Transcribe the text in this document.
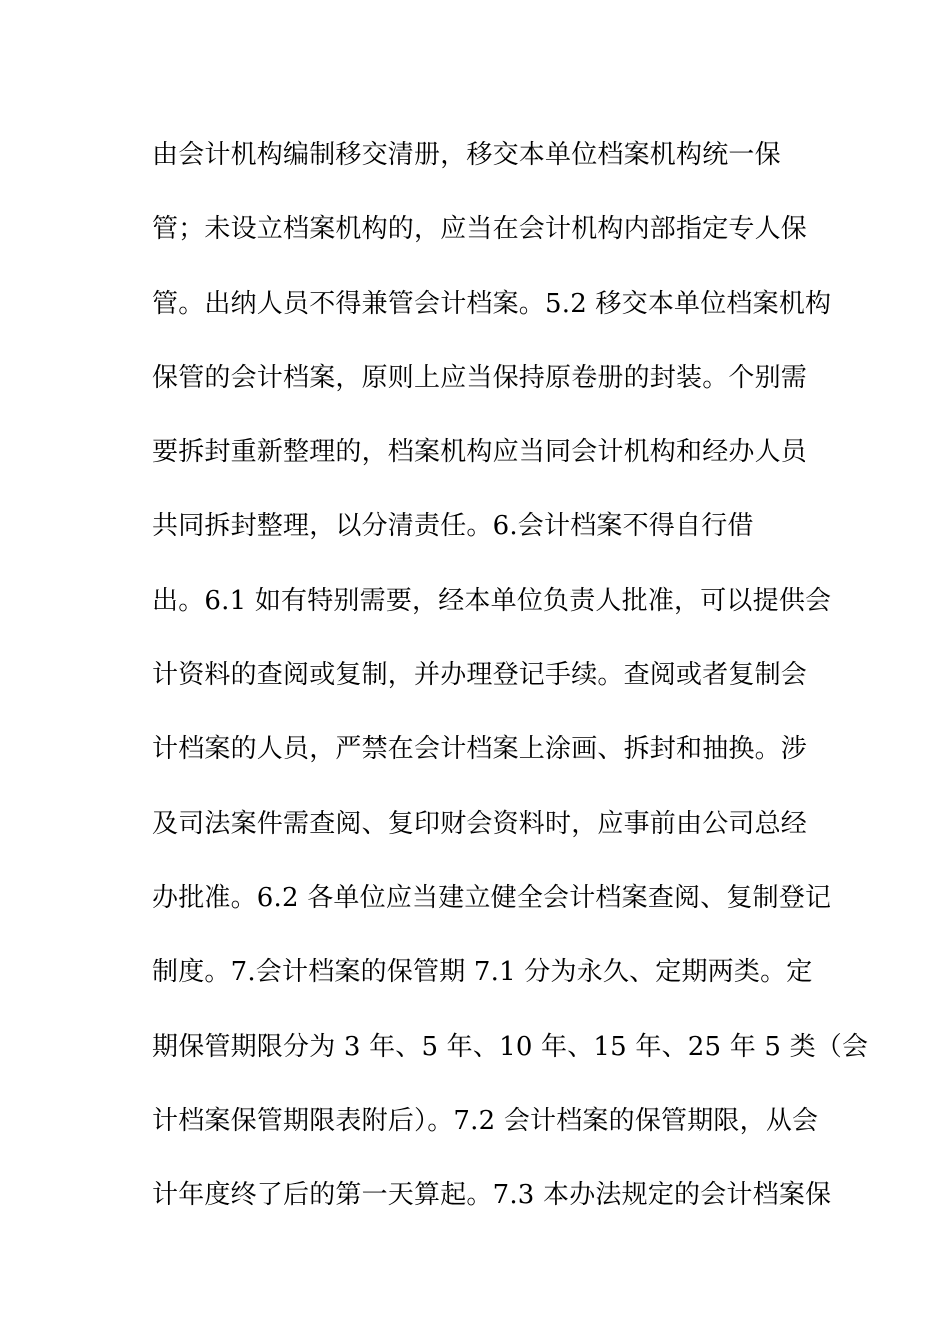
由会计机构编制移交清册，移交本单位档案机构统一保
管；未设立档案机构的，应当在会计机构内部指定专人保
管。出纳人员不得兼管会计档案。5.2 移交本单位档案机构
保管的会计档案，原则上应当保持原卷册的封装。个别需
要拆封重新整理的，档案机构应当同会计机构和经办人员
共同拆封整理，以分清责任。6.会计档案不得自行借
出。6.1 如有特别需要，经本单位负责人批准，可以提供会
计资料的查阅或复制，并办理登记手续。查阅或者复制会
计档案的人员，严禁在会计档案上涂画、拆封和抽换。涉
及司法案件需查阅、复印财会资料时，应事前由公司总经
办批准。6.2 各单位应当建立健全会计档案查阅、复制登记
制度。7.会计档案的保管期 7.1 分为永久、定期两类。定
期保管期限分为 3 年、5 年、10 年、15 年、25 年 5 类（会
计档案保管期限表附后）。7.2 会计档案的保管期限，从会
计年度终了后的第一天算起。7.3 本办法规定的会计档案保
